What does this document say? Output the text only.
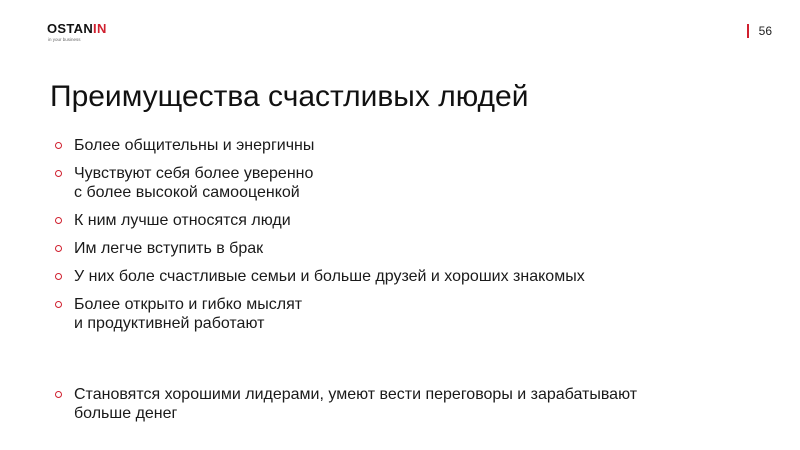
OSTANIN
in your business
56
Преимущества счастливых людей
Более общительны и энергичны
Чувствуют себя более уверенно
с более высокой самооценкой
К ним лучше относятся люди
Им легче вступить в брак
У них боле счастливые семьи и больше друзей и хороших знакомых
Более открыто и гибко мыслят
и продуктивней работают
Становятся хорошими лидерами, умеют вести переговоры и зарабатывают
больше денег
